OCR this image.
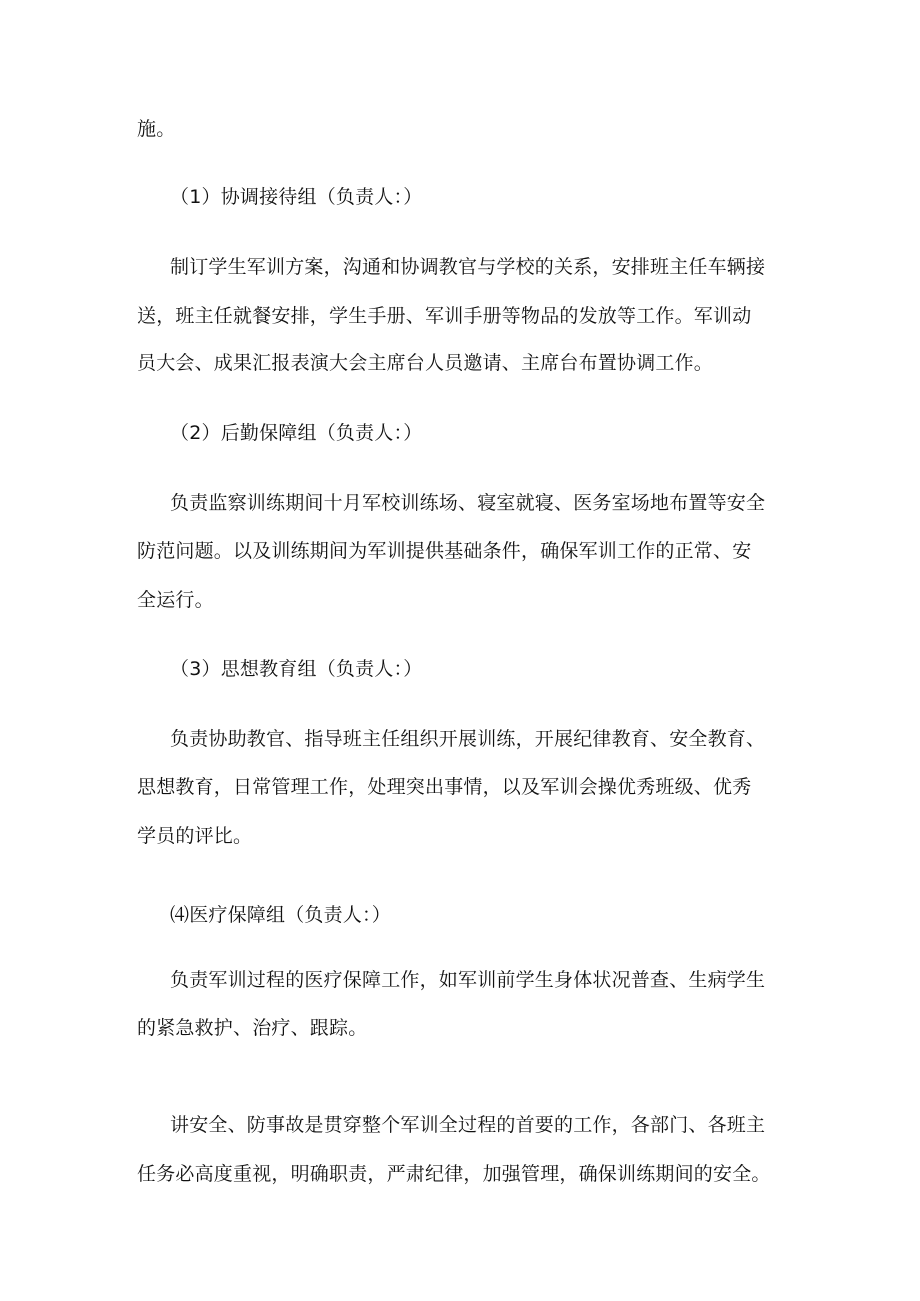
施。
（1）协调接待组（负责人：）
制订学生军训方案，沟通和协调教官与学校的关系，安排班主任车辆接
送，班主任就餐安排，学生手册、军训手册等物品的发放等工作。军训动
员大会、成果汇报表演大会主席台人员邀请、主席台布置协调工作。
（2）后勤保障组（负责人：）
负责监察训练期间十月军校训练场、寝室就寝、医务室场地布置等安全
防范问题。以及训练期间为军训提供基础条件，确保军训工作的正常、安
全运行。
（3）思想教育组（负责人：）
负责协助教官、指导班主任组织开展训练，开展纪律教育、安全教育、
思想教育，日常管理工作，处理突出事情，以及军训会操优秀班级、优秀
学员的评比。
⑷医疗保障组（负责人：）
负责军训过程的医疗保障工作，如军训前学生身体状况普查、生病学生
的紧急救护、治疗、跟踪。
讲安全、防事故是贯穿整个军训全过程的首要的工作，各部门、各班主
任务必高度重视，明确职责，严肃纪律，加强管理，确保训练期间的安全。
